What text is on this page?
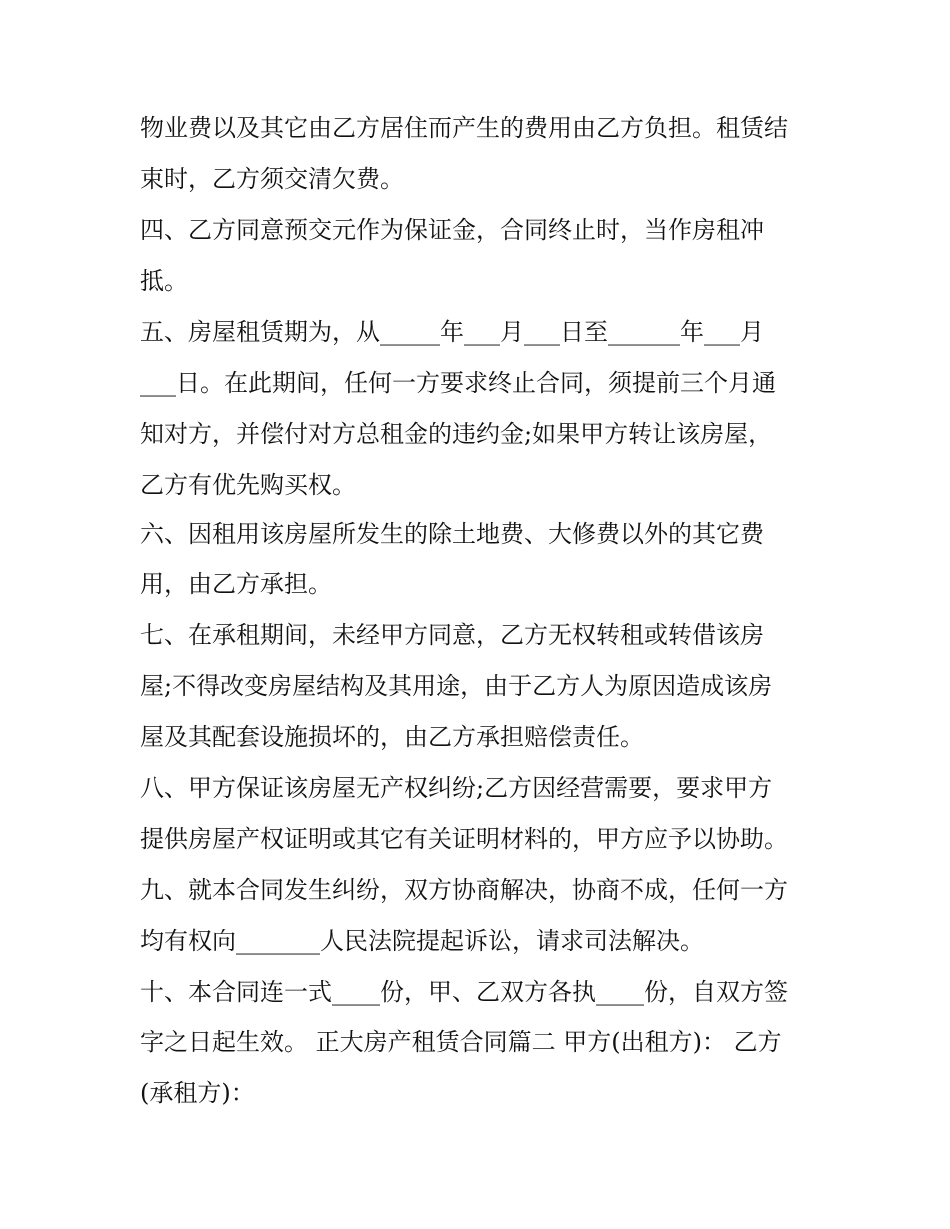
物业费以及其它由乙方居住而产生的费用由乙方负担。租赁结
束时，乙方须交清欠费。
四、乙方同意预交元作为保证金，合同终止时，当作房租冲
抵。
五、房屋租赁期为，从_____年___月___日至______年___月
___日。在此期间，任何一方要求终止合同，须提前三个月通
知对方，并偿付对方总租金的违约金;如果甲方转让该房屋，
乙方有优先购买权。
六、因租用该房屋所发生的除土地费、大修费以外的其它费
用，由乙方承担。
七、在承租期间，未经甲方同意，乙方无权转租或转借该房
屋;不得改变房屋结构及其用途，由于乙方人为原因造成该房
屋及其配套设施损坏的，由乙方承担赔偿责任。
八、甲方保证该房屋无产权纠纷;乙方因经营需要，要求甲方
提供房屋产权证明或其它有关证明材料的，甲方应予以协助。
九、就本合同发生纠纷，双方协商解决，协商不成，任何一方
均有权向_______人民法院提起诉讼，请求司法解决。
十、本合同连一式____份，甲、乙双方各执____份，自双方签
字之日起生效。 正大房产租赁合同篇二 甲方(出租方)： 乙方
(承租方)：
